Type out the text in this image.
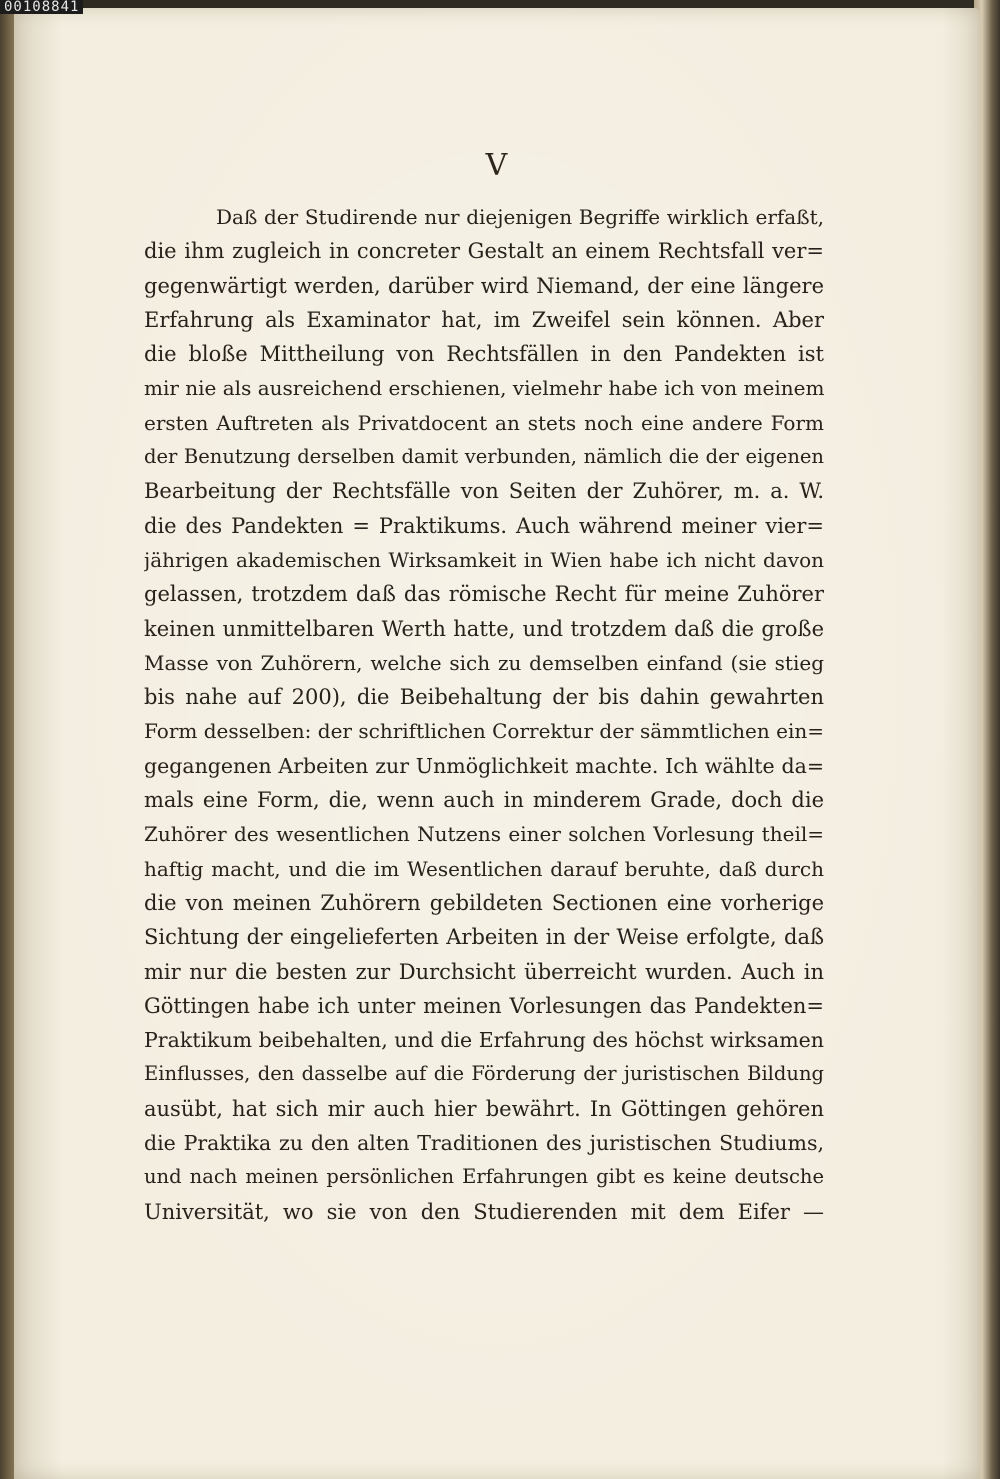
00108841
V
Daß der Studirende nur diejenigen Begriffe wirklich erfaßt,
die ihm zugleich in concreter Gestalt an einem Rechtsfall ver=
gegenwärtigt werden, darüber wird Niemand, der eine längere
Erfahrung als Examinator hat, im Zweifel sein können. Aber
die bloße Mittheilung von Rechtsfällen in den Pandekten ist
mir nie als ausreichend erschienen, vielmehr habe ich von meinem
ersten Auftreten als Privatdocent an stets noch eine andere Form
der Benutzung derselben damit verbunden, nämlich die der eigenen
Bearbeitung der Rechtsfälle von Seiten der Zuhörer, m. a. W.
die des Pandekten = Praktikums. Auch während meiner vier=
jährigen akademischen Wirksamkeit in Wien habe ich nicht davon
gelassen, trotzdem daß das römische Recht für meine Zuhörer
keinen unmittelbaren Werth hatte, und trotzdem daß die große
Masse von Zuhörern, welche sich zu demselben einfand (sie stieg
bis nahe auf 200), die Beibehaltung der bis dahin gewahrten
Form desselben: der schriftlichen Correktur der sämmtlichen ein=
gegangenen Arbeiten zur Unmöglichkeit machte. Ich wählte da=
mals eine Form, die, wenn auch in minderem Grade, doch die
Zuhörer des wesentlichen Nutzens einer solchen Vorlesung theil=
haftig macht, und die im Wesentlichen darauf beruhte, daß durch
die von meinen Zuhörern gebildeten Sectionen eine vorherige
Sichtung der eingelieferten Arbeiten in der Weise erfolgte, daß
mir nur die besten zur Durchsicht überreicht wurden. Auch in
Göttingen habe ich unter meinen Vorlesungen das Pandekten=
Praktikum beibehalten, und die Erfahrung des höchst wirksamen
Einflusses, den dasselbe auf die Förderung der juristischen Bildung
ausübt, hat sich mir auch hier bewährt. In Göttingen gehören
die Praktika zu den alten Traditionen des juristischen Studiums,
und nach meinen persönlichen Erfahrungen gibt es keine deutsche
Universität, wo sie von den Studierenden mit dem Eifer —
